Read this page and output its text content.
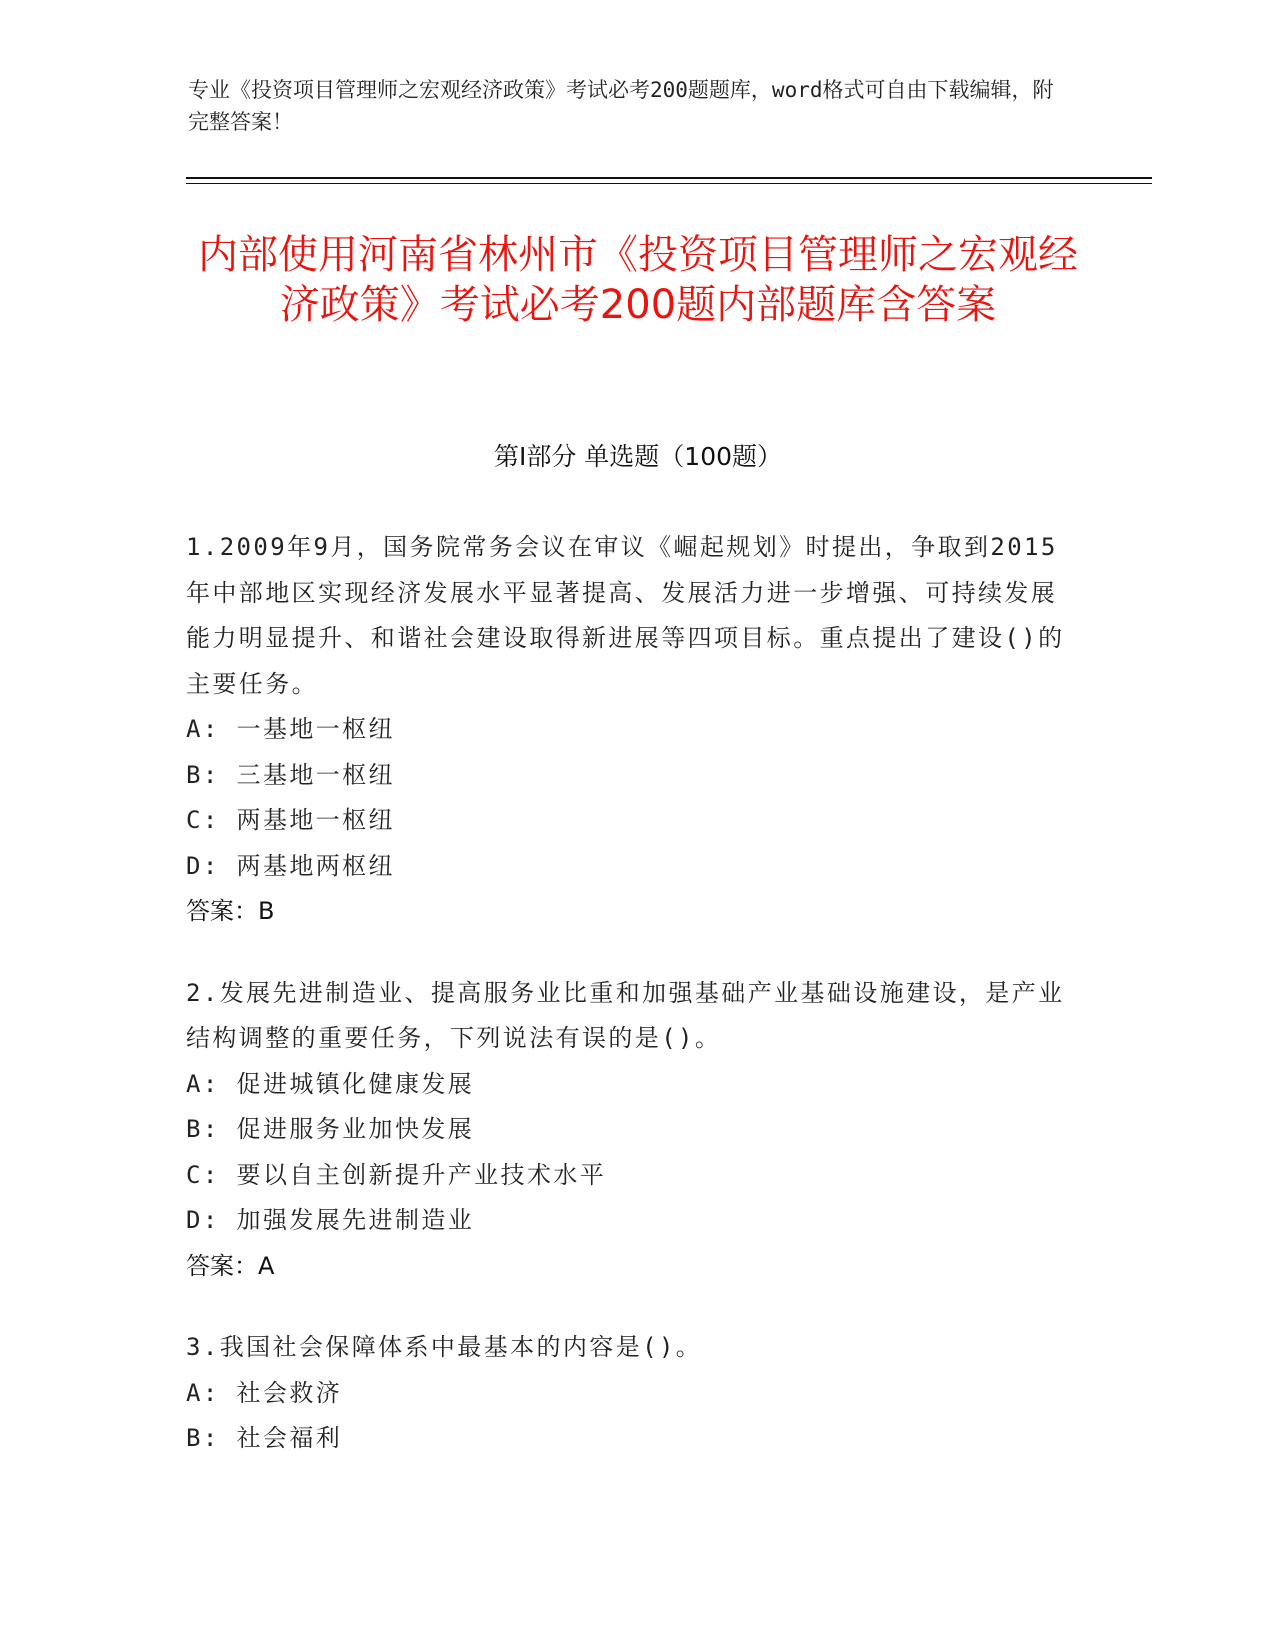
专业《投资项目管理师之宏观经济政策》考试必考200题题库，word格式可自由下载编辑，附完整答案！
内部使用河南省林州市《投资项目管理师之宏观经济政策》考试必考200题内部题库含答案
第Ⅰ部分 单选题（100题）
1.2009年9月，国务院常务会议在审议《崛起规划》时提出，争取到2015年中部地区实现经济发展水平显著提高、发展活力进一步增强、可持续发展能力明显提升、和谐社会建设取得新进展等四项目标。重点提出了建设()的主要任务。
A: 一基地一枢纽
B: 三基地一枢纽
C: 两基地一枢纽
D: 两基地两枢纽
答案：B
2.发展先进制造业、提高服务业比重和加强基础产业基础设施建设，是产业结构调整的重要任务，下列说法有误的是()。
A: 促进城镇化健康发展
B: 促进服务业加快发展
C: 要以自主创新提升产业技术水平
D: 加强发展先进制造业
答案：A
3.我国社会保障体系中最基本的内容是()。
A: 社会救济
B: 社会福利
